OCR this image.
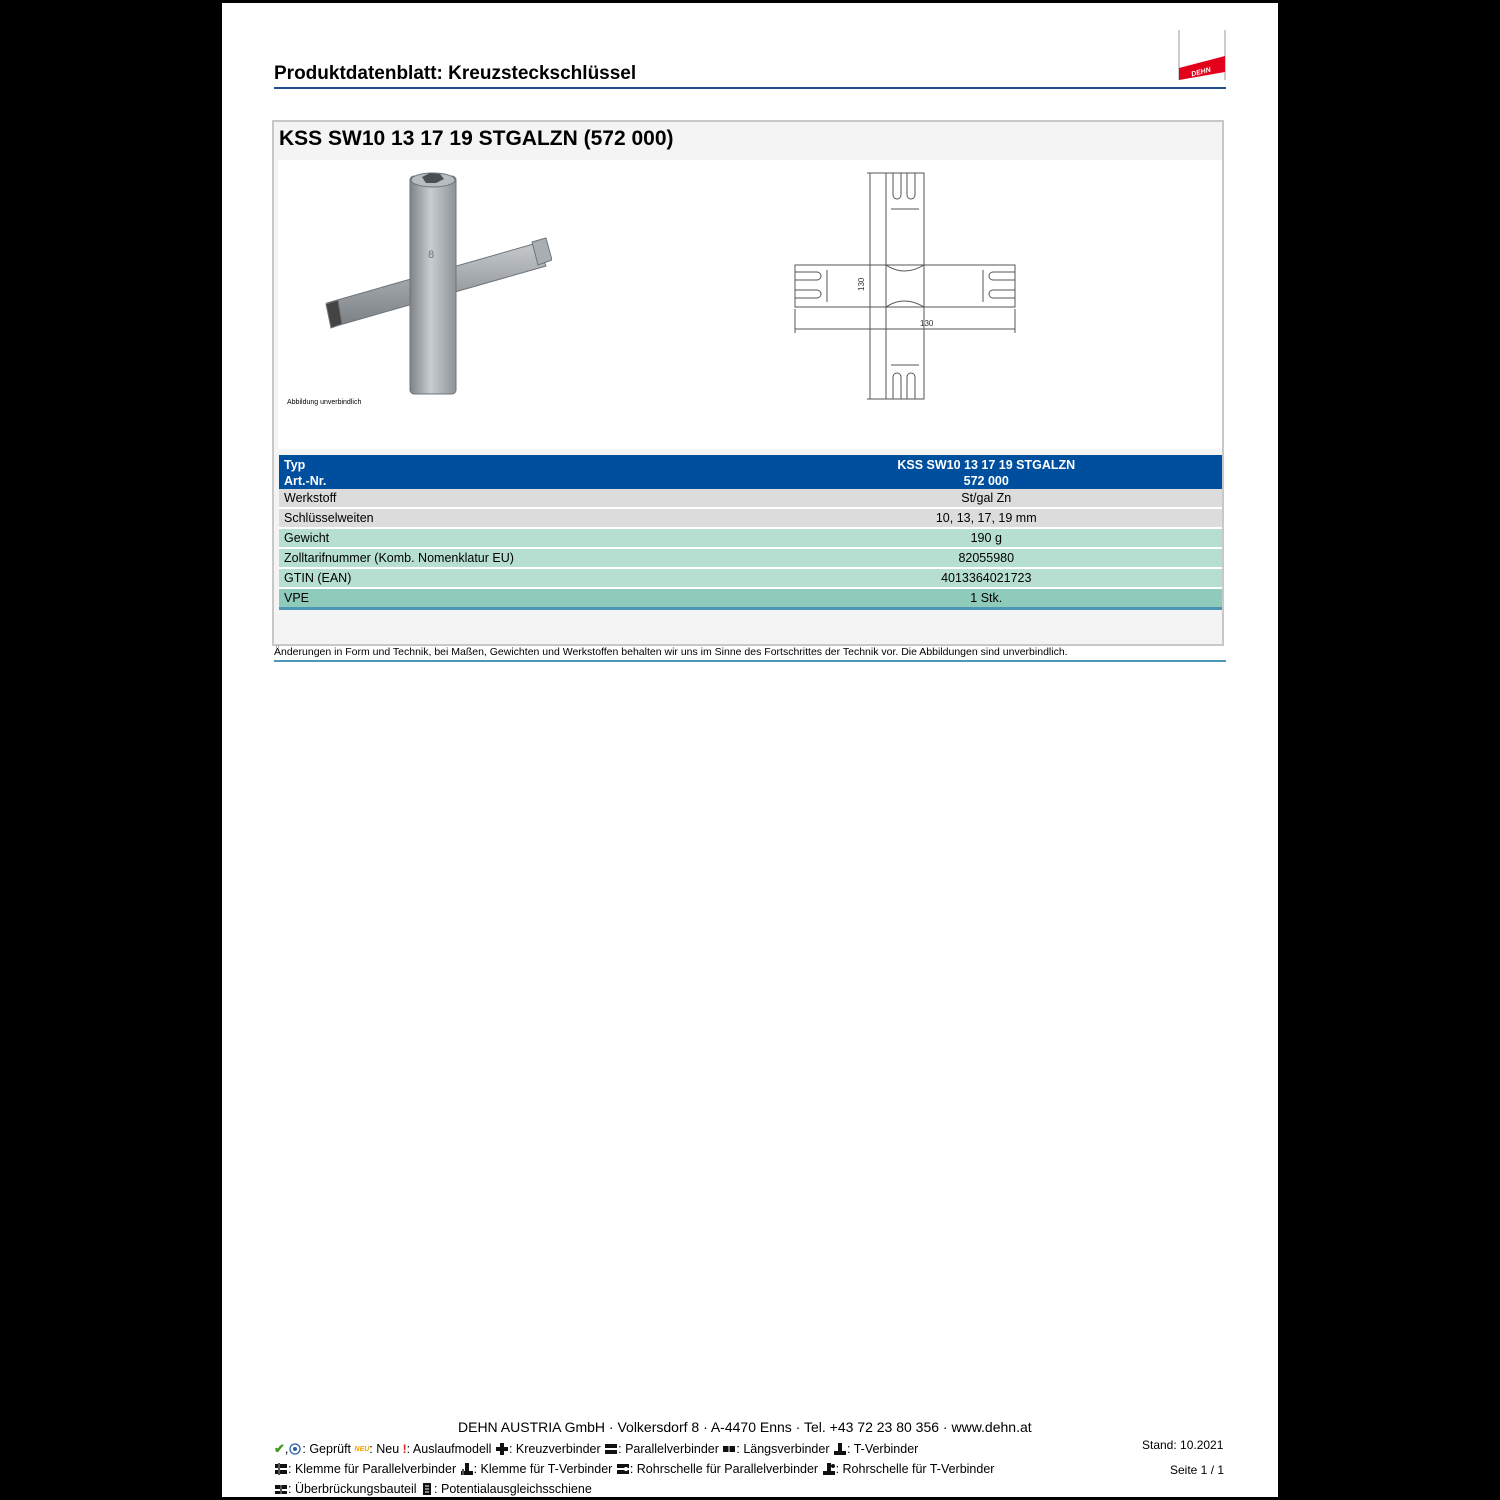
Produktdatenblatt: Kreuzsteckschlüssel	DEHN
KSS SW10 13 17 19 STGALZN (572 000)
8
Abbildung unverbindlich
130
130
Typ	KSS SW10 13 17 19 STGALZN
Art.-Nr.	572 000
Werkstoff	St/gal Zn
Schlüsselweiten	10, 13, 17, 19 mm
Gewicht	190 g
Zolltarifnummer (Komb. Nomenklatur EU)	82055980
GTIN (EAN)	4013364021723
VPE	1 Stk.
Änderungen in Form und Technik, bei Maßen, Gewichten und Werkstoffen behalten wir uns im Sinne des Fortschrittes der Technik vor. Die Abbildungen sind unverbindlich.
DEHN AUSTRIA GmbH · Volkersdorf 8 · A-4470 Enns · Tel. +43 72 23 80 356 · www.dehn.at
Stand: 10.2021
Seite 1 / 1
✔ , : Geprüft
NEU : Neu
! : Auslaufmodell
: Kreuzverbinder
: Parallelverbinder
: Längsverbinder
: T-Verbinder
: Klemme für Parallelverbinder
: Klemme für T-Verbinder
: Rohrschelle für Parallelverbinder
: Rohrschelle für T-Verbinder
: Überbrückungsbauteil
: Potentialausgleichsschiene
